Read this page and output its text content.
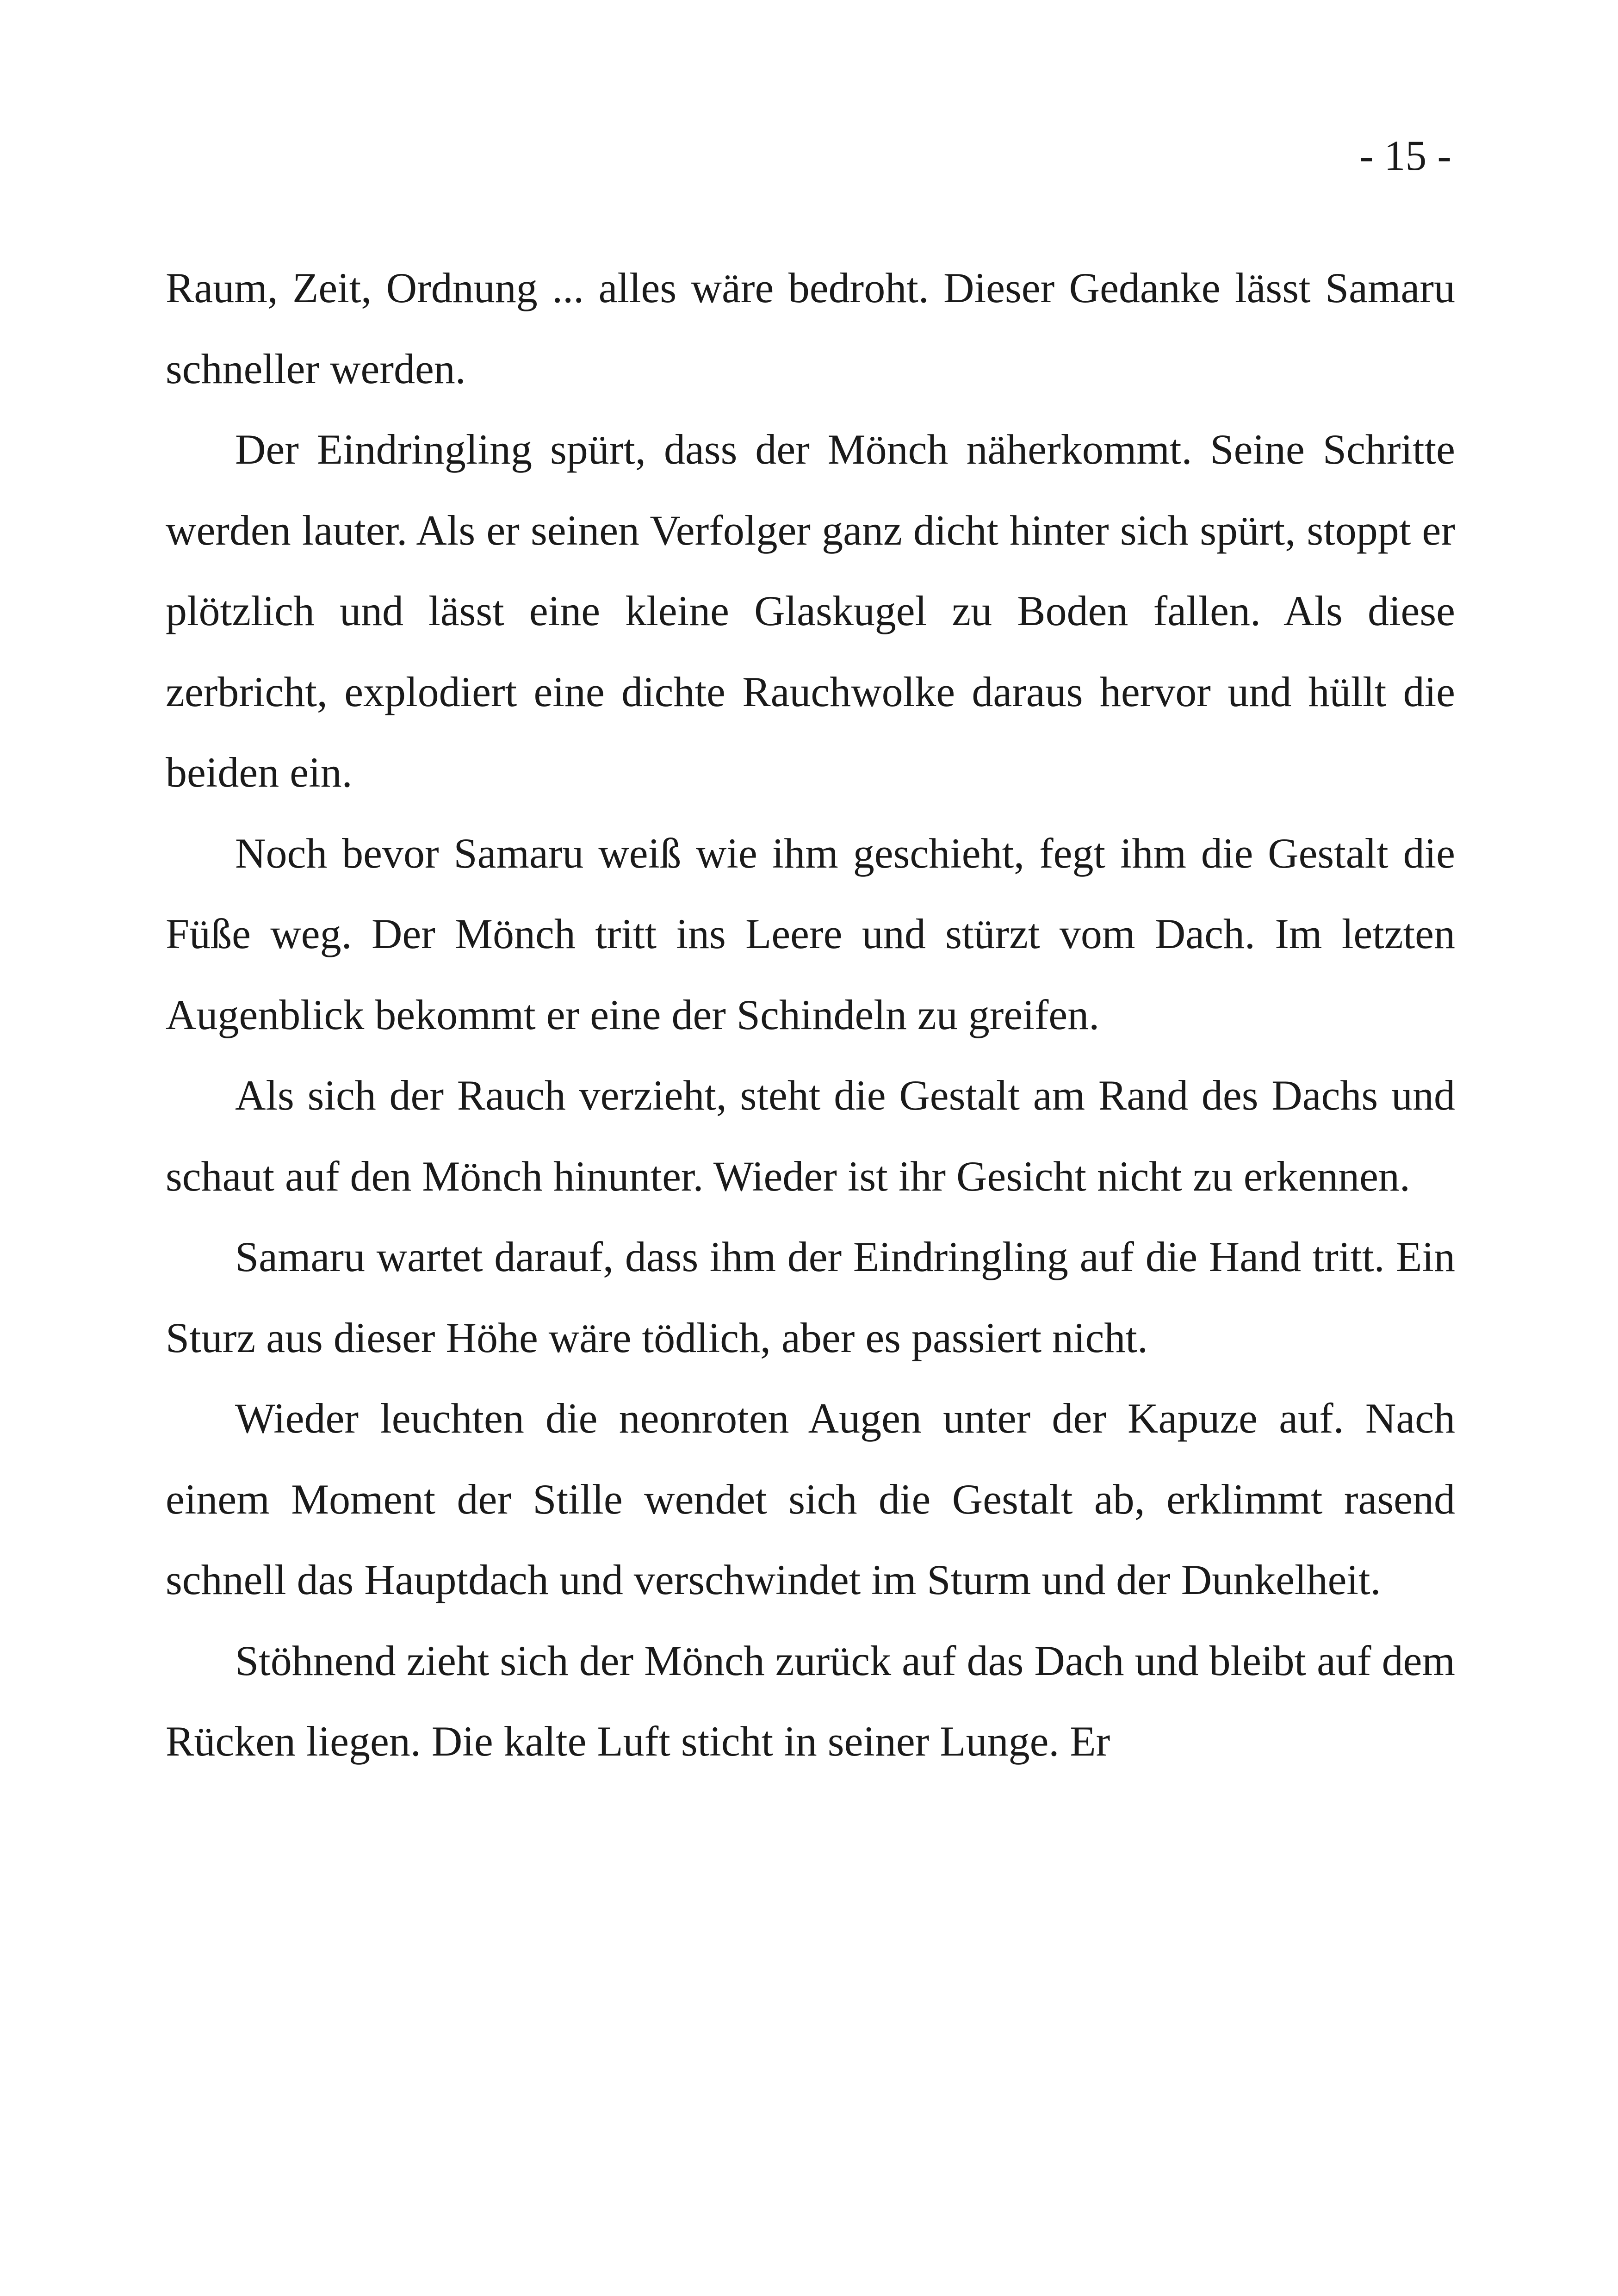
- 15 -

Raum, Zeit, Ordnung ... alles wäre bedroht. Dieser Gedanke lässt Samaru schneller werden.

Der Eindringling spürt, dass der Mönch näherkommt. Seine Schritte werden lauter. Als er seinen Verfolger ganz dicht hinter sich spürt, stoppt er plötzlich und lässt eine kleine Glaskugel zu Boden fallen. Als diese zerbricht, explodiert eine dichte Rauchwolke daraus hervor und hüllt die beiden ein.

Noch bevor Samaru weiß wie ihm geschieht, fegt ihm die Gestalt die Füße weg. Der Mönch tritt ins Leere und stürzt vom Dach. Im letzten Augenblick bekommt er eine der Schindeln zu greifen.

Als sich der Rauch verzieht, steht die Gestalt am Rand des Dachs und schaut auf den Mönch hinunter. Wieder ist ihr Gesicht nicht zu erkennen.

Samaru wartet darauf, dass ihm der Eindringling auf die Hand tritt. Ein Sturz aus dieser Höhe wäre tödlich, aber es passiert nicht.

Wieder leuchten die neonroten Augen unter der Kapuze auf. Nach einem Moment der Stille wendet sich die Gestalt ab, erklimmt rasend schnell das Hauptdach und verschwindet im Sturm und der Dunkelheit.

Stöhnend zieht sich der Mönch zurück auf das Dach und bleibt auf dem Rücken liegen. Die kalte Luft sticht in seiner Lunge. Er
